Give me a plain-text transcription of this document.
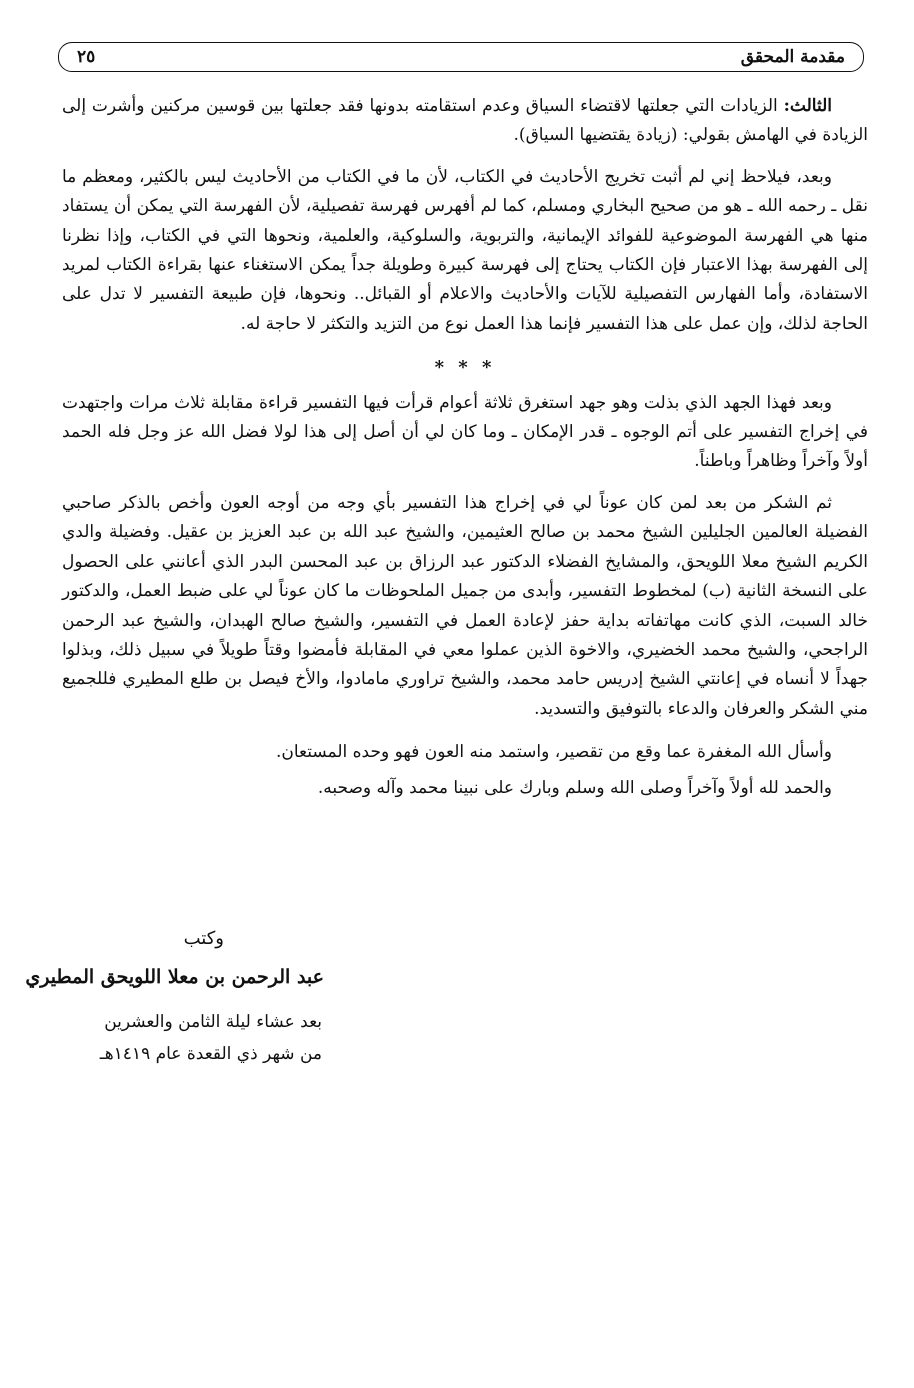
مقدمة المحقق
٢٥

الثالث: الزيادات التي جعلتها لاقتضاء السياق وعدم استقامته بدونها فقد جعلتها بين قوسين مركنين وأشرت إلى الزيادة في الهامش بقولي: (زيادة يقتضيها السياق).

وبعد، فيلاحظ إني لم أثبت تخريج الأحاديث في الكتاب، لأن ما في الكتاب من الأحاديث ليس بالكثير، ومعظم ما نقل ـ رحمه الله ـ هو من صحيح البخاري ومسلم، كما لم أفهرس فهرسة تفصيلية، لأن الفهرسة التي يمكن أن يستفاد منها هي الفهرسة الموضوعية للفوائد الإيمانية، والتربوية، والسلوكية، والعلمية، ونحوها التي في الكتاب، وإذا نظرنا إلى الفهرسة بهذا الاعتبار فإن الكتاب يحتاج إلى فهرسة كبيرة وطويلة جداً يمكن الاستغناء عنها بقراءة الكتاب لمريد الاستفادة، وأما الفهارس التفصيلية للآيات والأحاديث والاعلام أو القبائل.. ونحوها، فإن طبيعة التفسير لا تدل على الحاجة لذلك، وإن عمل على هذا التفسير فإنما هذا العمل نوع من التزيد والتكثر لا حاجة له.

* * *

وبعد فهذا الجهد الذي بذلت وهو جهد استغرق ثلاثة أعوام قرأت فيها التفسير قراءة مقابلة ثلاث مرات واجتهدت في إخراج التفسير على أتم الوجوه ـ قدر الإمكان ـ وما كان لي أن أصل إلى هذا لولا فضل الله عز وجل فله الحمد أولاً وآخراً وظاهراً وباطناً.

ثم الشكر من بعد لمن كان عوناً لي في إخراج هذا التفسير بأي وجه من أوجه العون وأخص بالذكر صاحبي الفضيلة العالمين الجليلين الشيخ محمد بن صالح العثيمين، والشيخ عبد الله بن عبد العزيز بن عقيل. وفضيلة والدي الكريم الشيخ معلا اللويحق، والمشايخ الفضلاء الدكتور عبد الرزاق بن عبد المحسن البدر الذي أعانني على الحصول على النسخة الثانية (ب) لمخطوط التفسير، وأبدى من جميل الملحوظات ما كان عوناً لي على ضبط العمل، والدكتور خالد السبت، الذي كانت مهاتفاته بداية حفز لإعادة العمل في التفسير، والشيخ صالح الهبدان، والشيخ عبد الرحمن الراجحي، والشيخ محمد الخضيري، والاخوة الذين عملوا معي في المقابلة فأمضوا وقتاً طويلاً في سبيل ذلك، وبذلوا جهداً لا أنساه في إعانتي الشيخ إدريس حامد محمد، والشيخ تراوري مامادوا، والأخ فيصل بن طلع المطيري فللجميع مني الشكر والعرفان والدعاء بالتوفيق والتسديد.

وأسأل الله المغفرة عما وقع من تقصير، واستمد منه العون فهو وحده المستعان.

والحمد لله أولاً وآخراً وصلى الله وسلم وبارك على نبينا محمد وآله وصحبه.

وكتب
عبد الرحمن بن معلا اللويحق المطيري
بعد عشاء ليلة الثامن والعشرين
من شهر ذي القعدة عام ١٤١٩هـ
